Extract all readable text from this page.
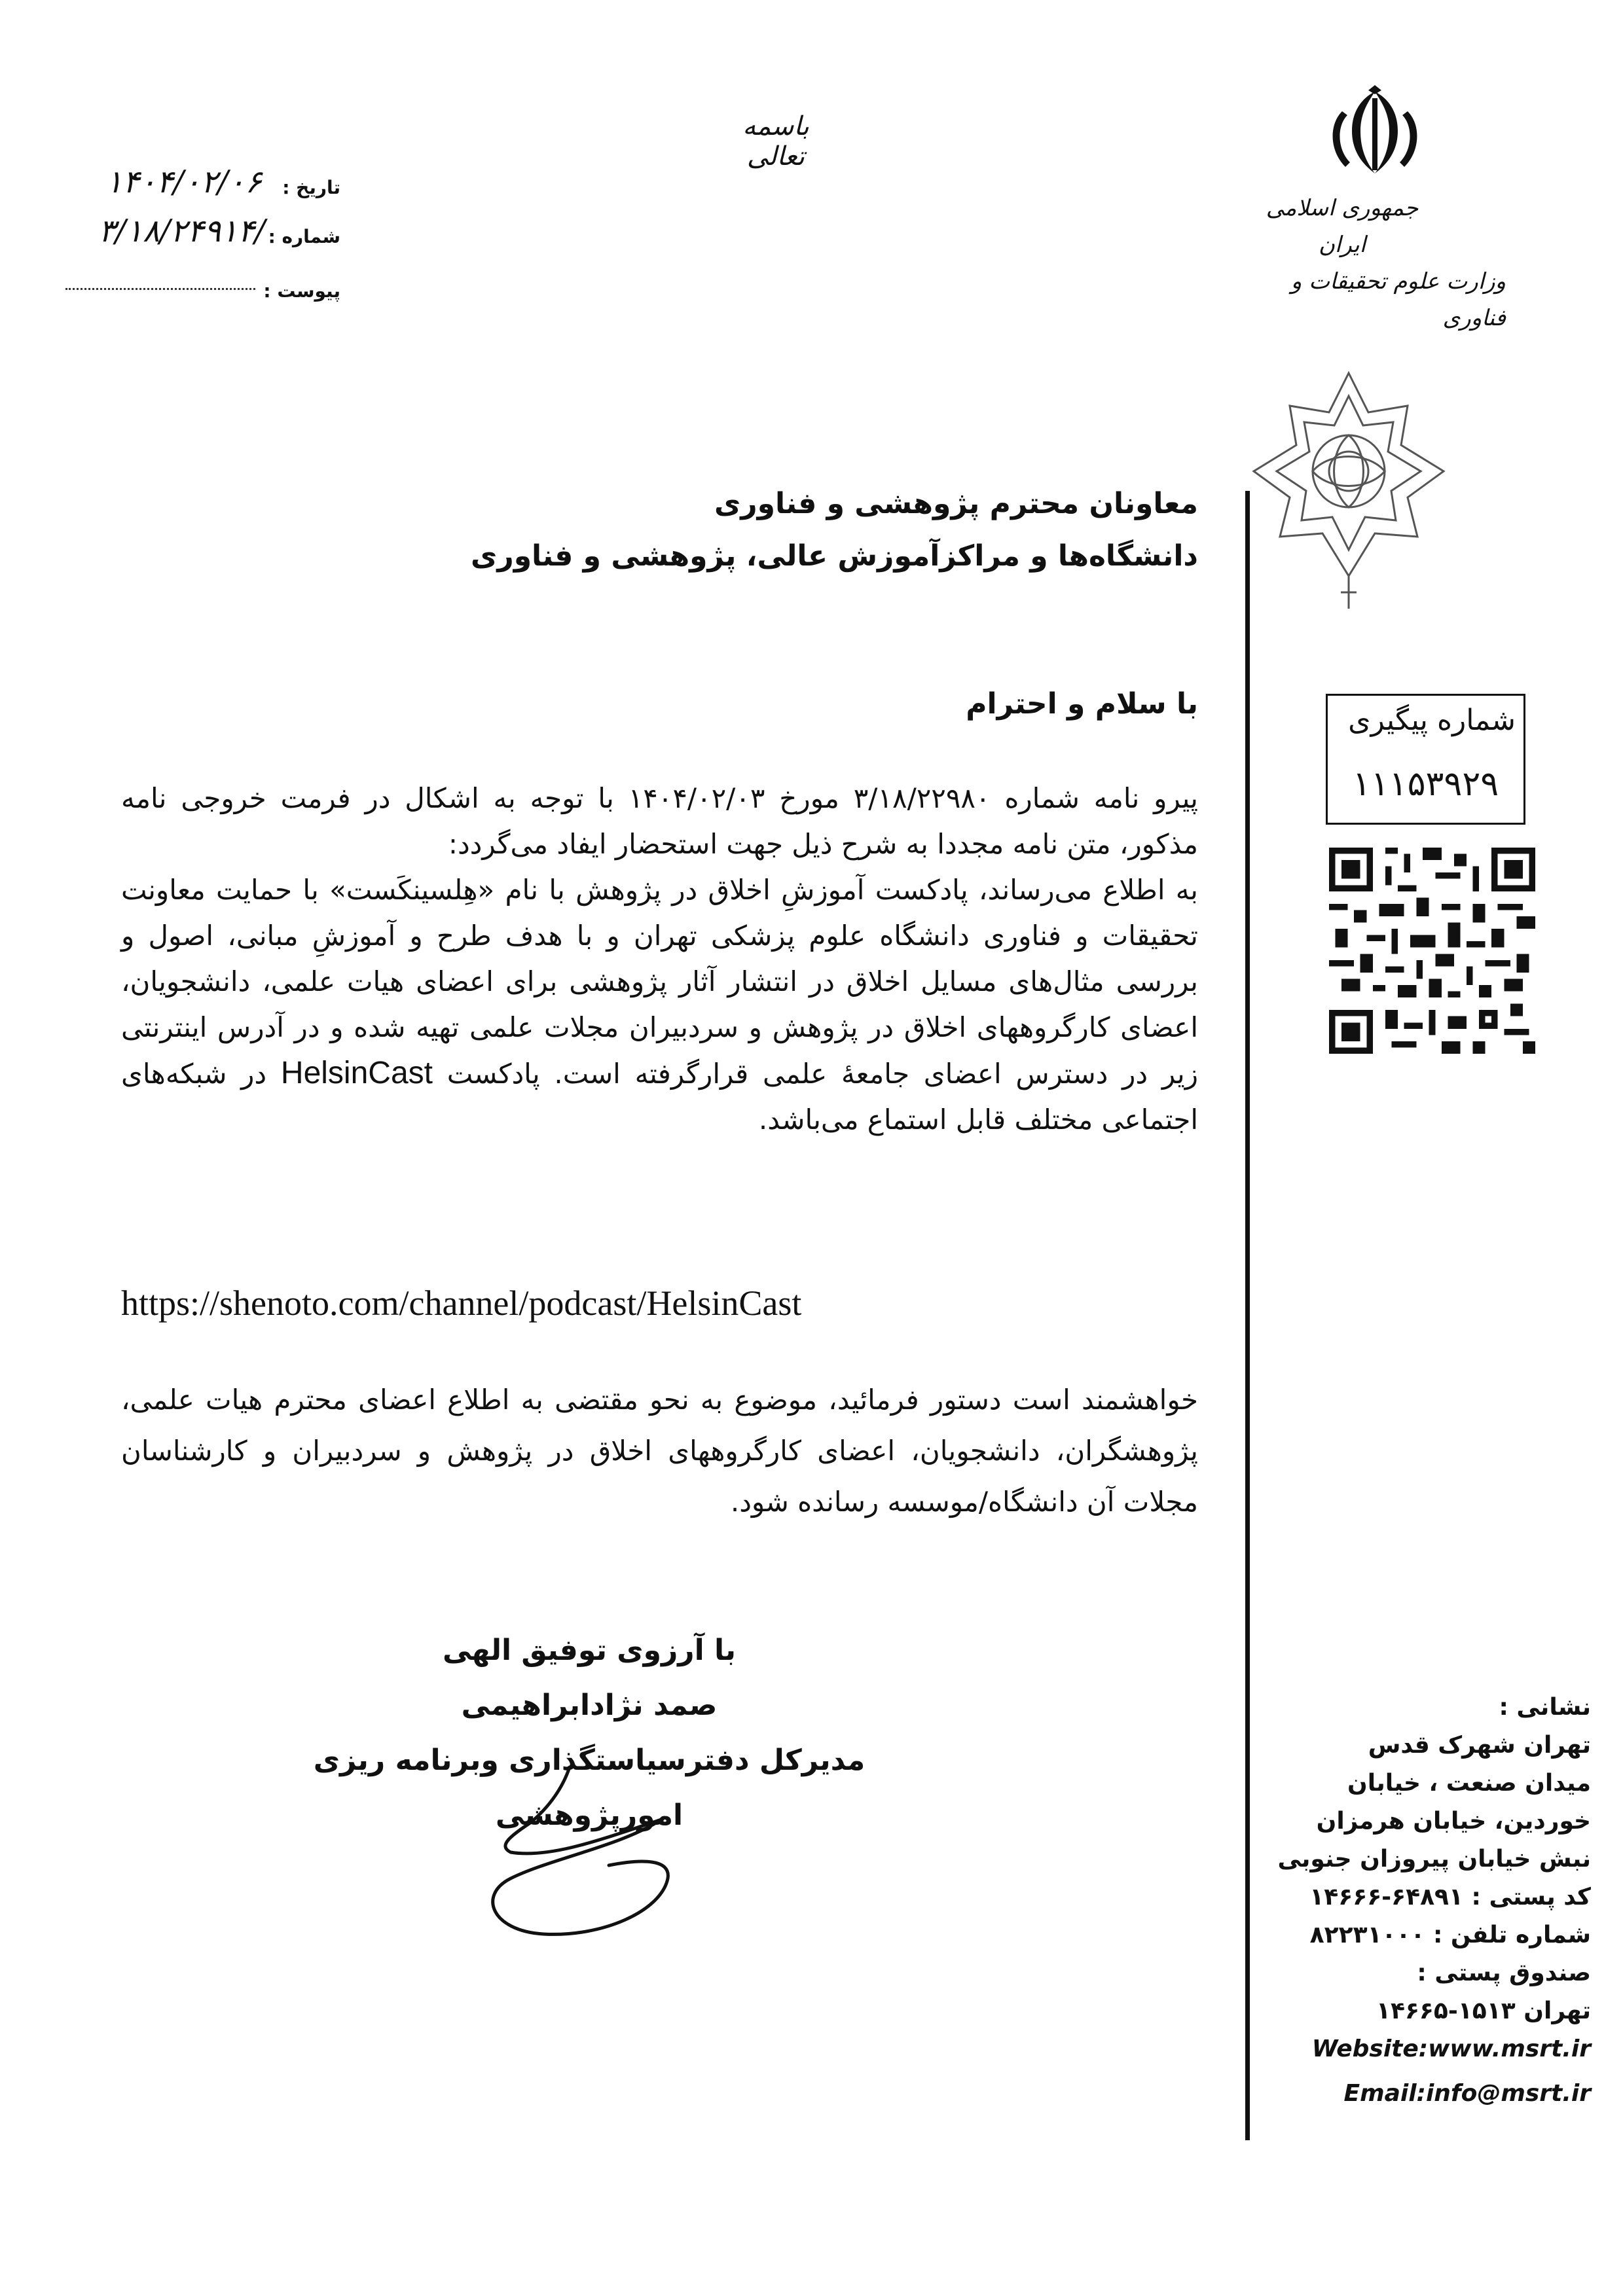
باسمه تعالی
تاریخ :
۱۴۰۴/۰۲/۰۶
شماره :
۳/۱۸/۲۴۹۱۴/
پیوست :
جمهوری اسلامی ایران
وزارت علوم تحقیقات و فناوری
شماره پیگیری
۱۱۱۵۳۹۲۹
معاونان محترم پژوهشی و فناوری
دانشگاه‌ها و مراکزآموزش عالی، پژوهشی و فناوری
با سلام و احترام

پیرو نامه شماره ۳/۱۸/۲۲۹۸۰ مورخ ۱۴۰۴/۰۲/۰۳ با توجه به اشکال در فرمت خروجی نامه مذکور، متن نامه مجددا به شرح ذیل جهت استحضار ایفاد می‌گردد:

به اطلاع می‌رساند، پادکست آموزشِ اخلاق در پژوهش با نام «هِلسینکَست» با حمایت معاونت تحقیقات و فناوری دانشگاه علوم پزشکی تهران و با هدف طرح و آموزشِ مبانی، اصول و بررسی مثال‌های مسایل اخلاق در انتشار آثار پژوهشی برای اعضای هیات علمی، دانشجویان، اعضای کارگروههای اخلاق در پژوهش و سردبیران مجلات علمی تهیه شده و در آدرس اینترنتی زیر در دسترس اعضای جامعهٔ علمی قرارگرفته است. پادکست HelsinCast در شبکه‌های اجتماعی مختلف قابل استماع می‌باشد.

https://shenoto.com/channel/podcast/HelsinCast
خواهشمند است دستور فرمائید، موضوع به نحو مقتضی به اطلاع اعضای محترم هیات علمی، پژوهشگران، دانشجویان، اعضای کارگروههای اخلاق در پژوهش و سردبیران و کارشناسان مجلات آن دانشگاه/موسسه رسانده شود.
با آرزوی توفیق الهی
صمد نژادابراهیمی
مدیرکل دفترسیاستگذاری وبرنامه ریزی امورپژوهشی
نشانی :
تهران شهرک قدس
میدان صنعت ، خیابان
خوردین، خیابان هرمزان
نبش خیابان پیروزان جنوبی
کد پستی : ۶۴۸۹۱-۱۴۶۶۶
شماره تلفن : ۸۲۲۳۱۰۰۰
صندوق پستی :
تهران ۱۵۱۳-۱۴۶۶۵
Website:www.msrt.ir
Email:info@msrt.ir
